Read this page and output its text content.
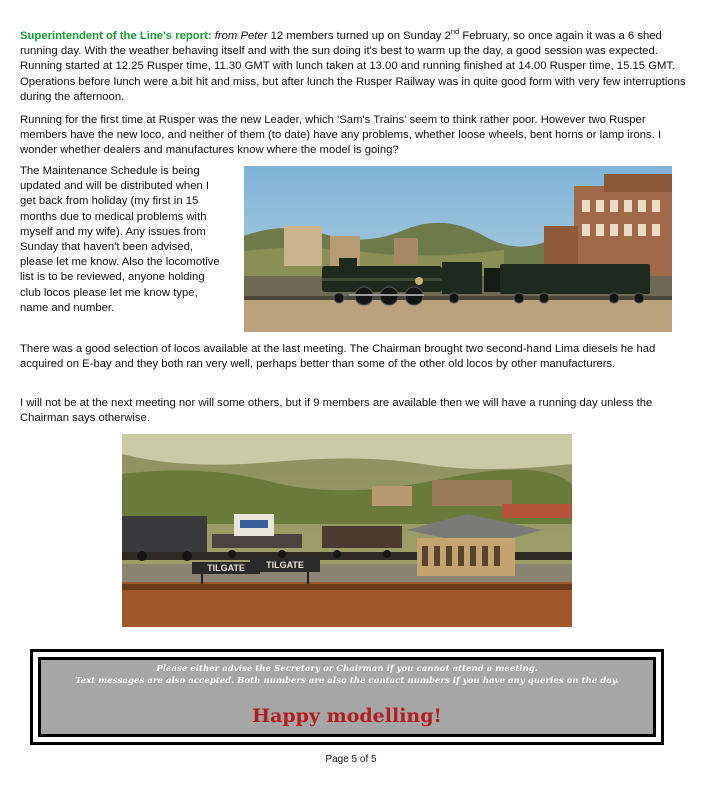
Superintendent of the Line's report: from Peter 12 members turned up on Sunday 2nd February, so once again it was a 6 shed running day. With the weather behaving itself and with the sun doing it's best to warm up the day, a good session was expected. Running started at 12.25 Rusper time, 11.30 GMT with lunch taken at 13.00 and running finished at 14.00 Rusper time, 15.15 GMT. Operations before lunch were a bit hit and miss, but after lunch the Rusper Railway was in quite good form with very few interruptions during the afternoon.

Running for the first time at Rusper was the new Leader, which 'Sam's Trains' seem to think rather poor. However two Rusper members have the new loco, and neither of them (to date) have any problems, whether loose wheels, bent horns or lamp irons. I wonder whether dealers and manufactures know where the model is going?

The Maintenance Schedule is being updated and will be distributed when I get back from holiday (my first in 15 months due to medical problems with myself and my wife). Any issues from Sunday that haven't been advised, please let me know. Also the locomotive list is to be reviewed, anyone holding club locos please let me know type, name and number.

There was a good selection of locos available at the last meeting. The Chairman brought two second-hand Lima diesels he had acquired on E-bay and they both ran very well, perhaps better than some of the other old locos by other manufacturers.

I will not be at the next meeting nor will some others, but if 9 members are available then we will have a running day unless the Chairman says otherwise.

TILGATE TILGATE
Please either advise the Secretary or Chairman if you cannot attend a meeting.
Text messages are also accepted. Both numbers are also the contact numbers if you have any queries on the day.
Happy modelling!
Page 5 of 5
